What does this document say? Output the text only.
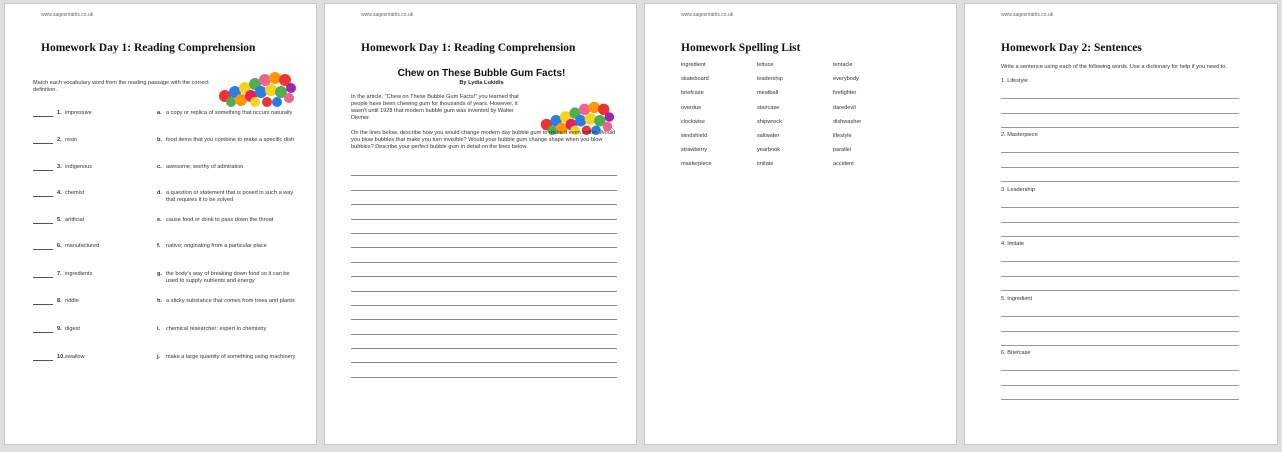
www.sagesmaths.co.uk
Homework Day 1: Reading Comprehension
Match each vocabulary word from the reading passage with the correct definition.
1. impressive	a. a copy or replica of something that occurs naturally
2. resin	b. food items that you combine to make a specific dish
3. indigenous	c. awesome; worthy of admiration
4. chemist	d. a question or statement that is posed in such a way that requires it to be solved
5. artificial	e. cause food or drink to pass down the throat
6. manufactured	f. native; originating from a particular place
7. ingredients	g. the body's way of breaking down food so it can be used to supply nutrients and energy
8. riddle	h. a sticky substance that comes from trees and plants
9. digest	i. chemical researcher; expert in chemistry
10. swallow	j. make a large quantity of something using machinery
www.sagesmaths.co.uk
Homework Day 1: Reading Comprehension
Chew on These Bubble Gum Facts!
By Lydia Lukidis
In the article, "Chew on These Bubble Gum Facts!" you learned that people have been chewing gum for thousands of years. However, it wasn't until 1928 that modern bubble gum was invented by Walter Diemer.
On the lines below, describe how you would change modern day bubble gum to make it even better. Would you blow bubbles that make you turn invisible? Would your bubble gum change shape when you blow bubbles? Describe your perfect bubble gum in detail on the lines below.
www.sagesmaths.co.uk
Homework Spelling List
ingredient	lettuce	tentacle
skateboard	leadership	everybody
briefcase	meatball	firefighter
overdue	staircase	daredevil
clockwise	shipwreck	dishwasher
windshield	saltwater	lifestyle
strawberry	yearbook	parallel
masterpiece	imitate	accident
www.sagesmaths.co.uk
Homework Day 2: Sentences
Write a sentence using each of the following words. Use a dictionary for help if you need to.
1. Lifestyle
2. Masterpiece
3. Leadership
4. Imitate
5. Ingredient
6. Briefcase
